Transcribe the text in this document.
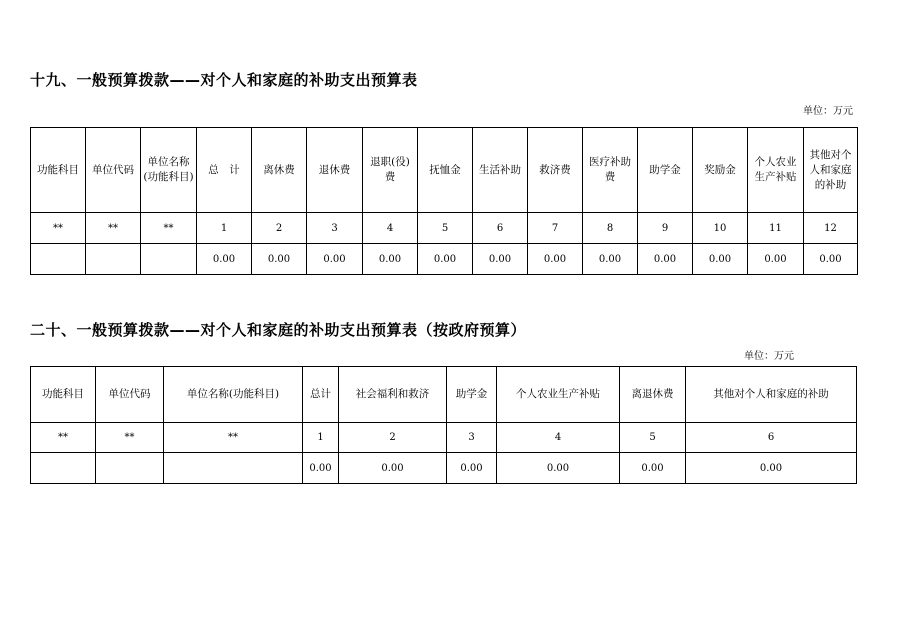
十九、一般预算拨款——对个人和家庭的补助支出预算表
单位：万元
功能科目	单位代码	单位名称(功能科目)	总　计	离休费	退休费	退职(役)费	抚恤金	生活补助	救济费	医疗补助费	助学金	奖励金	个人农业生产补贴	其他对个人和家庭的补助
**	**	**	1	2	3	4	5	6	7	8	9	10	11	12
			0.00	0.00	0.00	0.00	0.00	0.00	0.00	0.00	0.00	0.00	0.00	0.00
二十、一般预算拨款——对个人和家庭的补助支出预算表（按政府预算）
单位：万元
功能科目	单位代码	单位名称(功能科目)	总计	社会福利和救济	助学金	个人农业生产补贴	离退休费	其他对个人和家庭的补助
**	**	**	1	2	3	4	5	6
			0.00	0.00	0.00	0.00	0.00	0.00
